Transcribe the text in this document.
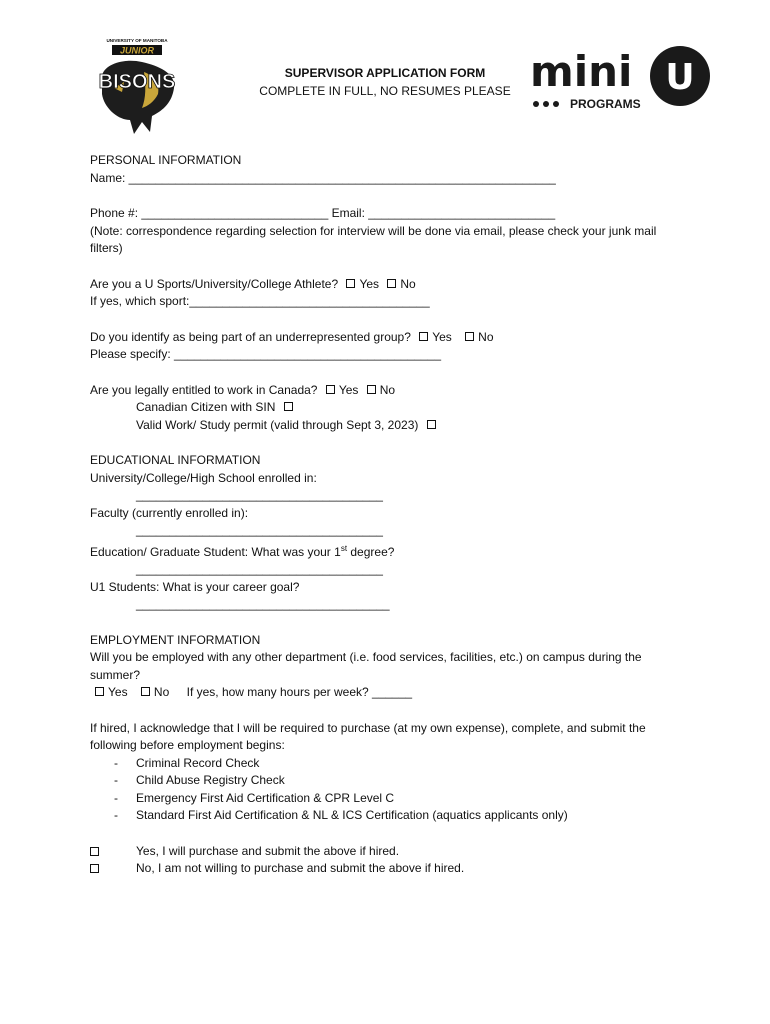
UNIVERSITY OF MANITOBA
JUNIOR
BISONS	SUPERVISOR APPLICATION FORM
COMPLETE IN FULL, NO RESUMES PLEASE mini U
PROGRAMS
PERSONAL INFORMATION
Name: ________________________________________________________________
Phone #: ____________________________ Email: ____________________________
(Note: correspondence regarding selection for interview will be done via email, please check your junk mail filters)
Are you a U Sports/University/College Athlete? Yes No
If yes, which sport:____________________________________
Do you identify as being part of an underrepresented group? Yes No
Please specify: ________________________________________
Are you legally entitled to work in Canada? Yes No
Canadian Citizen with SIN
Valid Work/ Study permit (valid through Sept 3, 2023)
EDUCATIONAL INFORMATION
University/College/High School enrolled in:
_____________________________________
Faculty (currently enrolled in):
_____________________________________
Education/ Graduate Student: What was your 1st degree?
_____________________________________
U1 Students: What is your career goal?
______________________________________
EMPLOYMENT INFORMATION
Will you be employed with any other department (i.e. food services, facilities, etc.) on campus during the summer?
Yes No If yes, how many hours per week? ______
If hired, I acknowledge that I will be required to purchase (at my own expense), complete, and submit the following before employment begins:
- Criminal Record Check
- Child Abuse Registry Check
- Emergency First Aid Certification & CPR Level C
- Standard First Aid Certification & NL & ICS Certification (aquatics applicants only)
Yes, I will purchase and submit the above if hired.
No, I am not willing to purchase and submit the above if hired.
